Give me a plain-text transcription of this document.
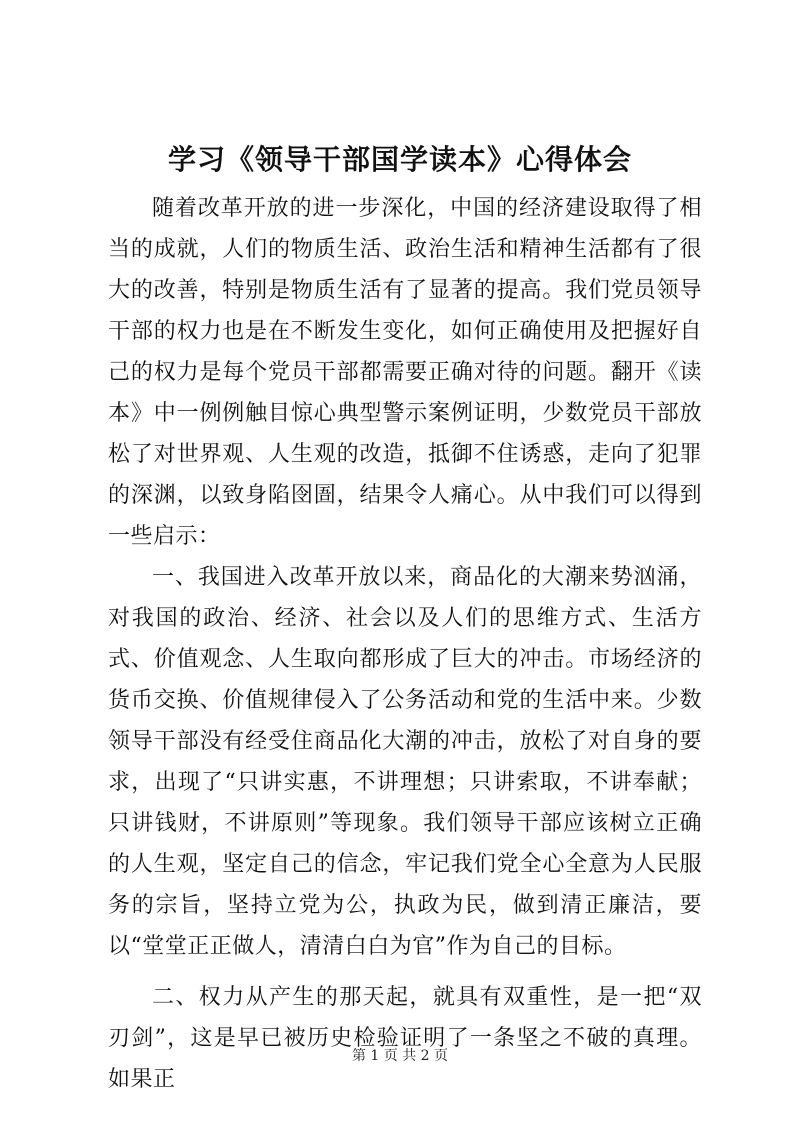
学习《领导干部国学读本》心得体会

随着改革开放的进一步深化，中国的经济建设取得了相当的成就，人们的物质生活、政治生活和精神生活都有了很大的改善，特别是物质生活有了显著的提高。我们党员领导干部的权力也是在不断发生变化，如何正确使用及把握好自己的权力是每个党员干部都需要正确对待的问题。翻开《读本》中一例例触目惊心典型警示案例证明，少数党员干部放松了对世界观、人生观的改造，抵御不住诱惑，走向了犯罪的深渊，以致身陷囹圄，结果令人痛心。从中我们可以得到一些启示：

一、我国进入改革开放以来，商品化的大潮来势汹涌，对我国的政治、经济、社会以及人们的思维方式、生活方式、价值观念、人生取向都形成了巨大的冲击。市场经济的货币交换、价值规律侵入了公务活动和党的生活中来。少数领导干部没有经受住商品化大潮的冲击，放松了对自身的要求，出现了“只讲实惠，不讲理想；只讲索取，不讲奉献；只讲钱财，不讲原则”等现象。我们领导干部应该树立正确的人生观，坚定自己的信念，牢记我们党全心全意为人民服务的宗旨，坚持立党为公，执政为民，做到清正廉洁，要以“堂堂正正做人，清清白白为官”作为自己的目标。

二、权力从产生的那天起，就具有双重性，是一把“双刃剑”，这是早已被历史检验证明了一条坚之不破的真理。如果正

第 1 页 共 2 页
